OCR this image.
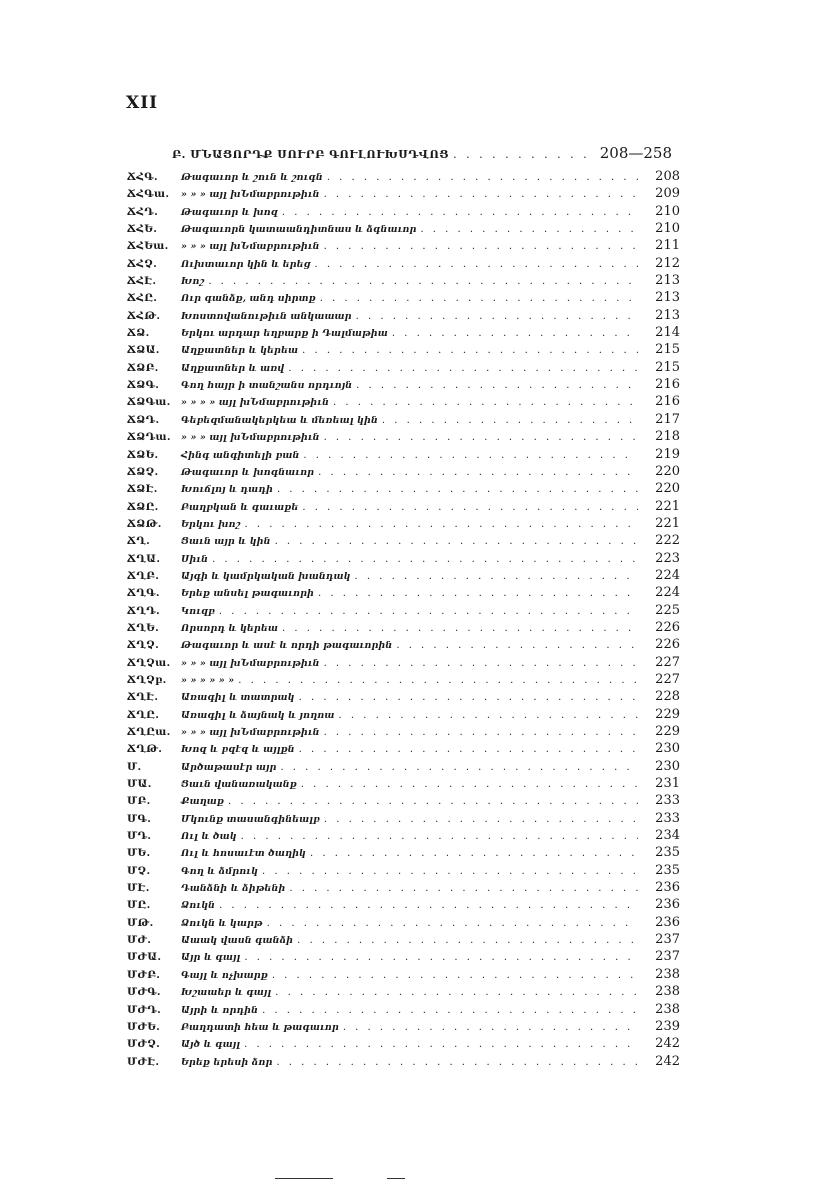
XII
Բ. ՄՆԱՑՈՐԴՔ ՍՈՒՐԲ ԳՈՒԼՈՒԽՍԴՎՈՑ . . .	208—258
ՃՀԳ.	Թագաւոր և շուն և շուգն . . .	208
ՃՀԳա.	» » » այլ խՆմաբրութիւն . . .	209
ՃՀԴ.	Թագաւոր և խոզ . . .	210
ՃՀԵ.	Թագաւորն կատաանդիտնաս և ձգնաւոր . . .	210
ՃՀԵա.	» » » այլ խՆմաբրութիւն . . .	211
ՃՀՉ.	Ուխտաւոր կին և երեց . . .	212
ՃՀԷ.	Խոշ . . .	213
ՃՀԸ.	Ուր գանձք, անդ սիրտք . . .	213
ՃՀԹ.	Խոստովանութիւն անկաաար . . .	213
ՃՁ.	Երկու արդար եղբարք ի Դալմաթիա . . .	214
ՃՁԱ.	Աղքատներ և կերեա . . .	215
ՃՁԲ.	Աղքատներ և առվ . . .	215
ՃՁԳ.	Գող հայր ի տանշանս որդւոյն . . .	216
ՃՁԳա.	» » » » այլ խՆմաբրութիւն . . .	216
ՃՁԴ.	Գեբեզմանակերկեա և մեռեալ կին . . .	217
ՃՁԴա.	» » » այլ խՆմաբրութիւն . . .	218
ՃՁԵ.	Հինգ անգիտելի բան . . .	219
ՃՁՉ.	Թագաւոր և խոգնաւոր . . .	220
ՃՁԷ.	Խուճլոյ և դադի . . .	220
ՃՁԸ.	Բաղբկան և գաւաքե . . .	221
ՃՁԹ.	Երկու խոշ . . .	221
ՃՂ.	Ցաւն այր և կին . . .	222
ՃՂԱ.	Սիւն . . .	223
ՃՂԲ.	Այգի և կամրկական խանդակ . . .	224
ՃՂԳ.	Երեք անսել թագաւորի . . .	224
ՃՂԴ.	Կուզբ . . .	225
ՃՂԵ.	Որսորդ և կերեա . . .	226
ՃՂՉ.	Թագաւոր և ասէ և որդի թագաւորին . . .	226
ՃՂՉա.	» » » այլ խՆմաբրութիւն . . .	227
ՃՂՉբ.	» » » » » » . . .	227
ՃՂԷ.	Առագիլ և տատրակ . . .	228
ՃՂԸ.	Առագիլ և ձայնակ և յողոա . . .	229
ՃՂԸա.	» » » այլ խՆմաբրութիւն . . .	229
ՃՂԹ.	Խոզ և բզէզ և այլքն . . .	230
Մ.	Արծաթասէր այր . . .	230
ՄԱ.	Ցաւն վանառականք . . .	231
ՄԲ.	Քաղաք . . .	233
ՄԳ.	Մկունք տասանգինեալբ . . .	233
ՄԴ.	Ուլ և ծակ . . .	234
ՄԵ.	Ուլ և հոսաւէտ ծաղիկ . . .	235
ՄՉ.	Գող և ձմրուկ . . .	235
ՄԷ.	Դանձնի և ձիթենի . . .	236
ՄԸ.	Ձուկն . . .	236
ՄԹ.	Ձուկն և կարթ . . .	236
ՄԺ.	Աաակ վասն գանձի . . .	237
ՄԺԱ.	Այր և գայլ . . .	237
ՄԺԲ.	Գայլ և ոչխարք . . .	238
ՄԺԳ.	Խշաաեր և գայլ . . .	238
ՄԺԴ.	Այրի և որդին . . .	238
ՄԺԵ.	Բաղդատի հեա և թագաւոր . . .	239
ՄԺՉ.	Այծ և գայլ . . .	242
ՄԺԷ.	Երեք երեսի ձոր . . .	242
